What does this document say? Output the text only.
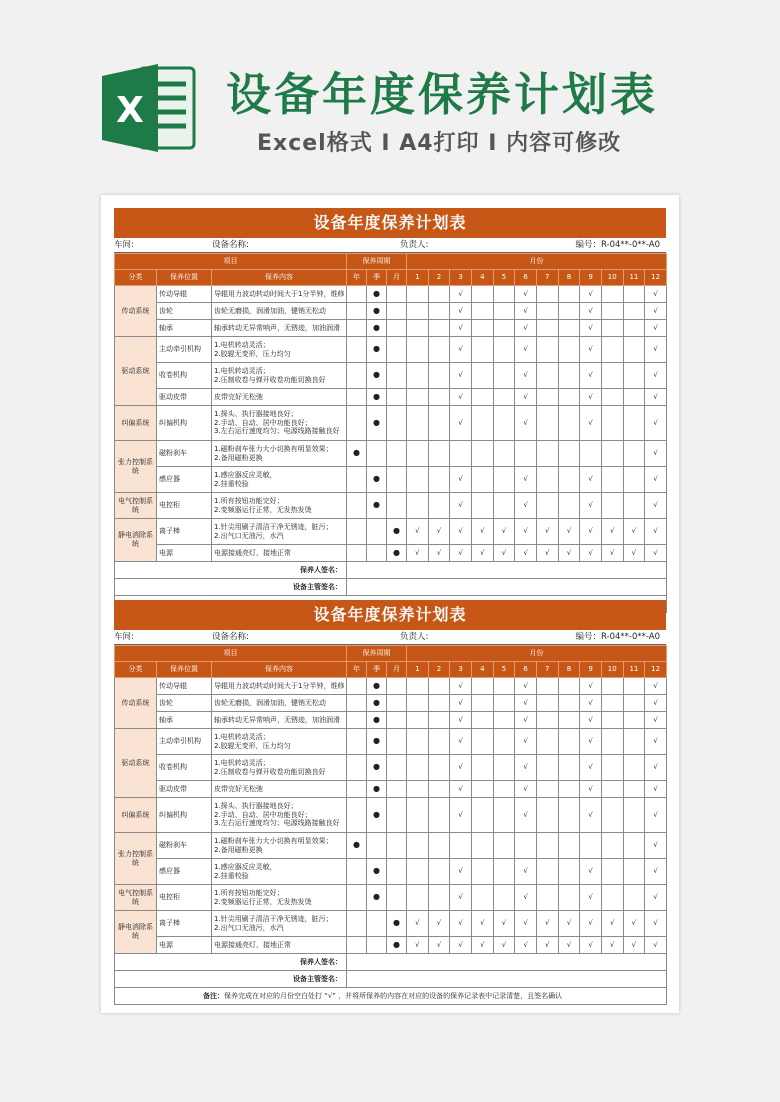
X 设备年度保养计划表
Excel格式 I A4打印 I 内容可修改
设备年度保养计划表
车间:	设备名称:	负责人:	编号：R-04**-0**-A0
项目			保养周期			月份											
分类	保养位置	保养内容	年	季	月	1	2	3	4	5	6	7	8	9	10	11	12
传动系统	传动导辊	导辊用力波动转动时间大于1分半钟，维修		●				√			√			√			√
	齿轮	齿轮无磨损，润滑加油，键销无松动		●				√			√			√			√
	轴承	轴承转动无异常响声，无锈迹，加油润滑		●				√			√			√			√
驱动系统	主动牵引机构	1.电机转动灵活；
2.胶辊无变形，压力均匀		●				√			√			√			√
	收卷机构	1.电机转动灵活；
2.压制收卷与弹开收卷功能切换良好		●				√			√			√			√
	驱动皮带	皮带完好无松弛		●				√			√			√			√
纠偏系统	纠偏机构	1.探头、执行器接地良好；
2.手动、自动、居中功能良好；
3.左右运行速度均匀；电源线路接触良好		●				√			√			√			√
张力控制系统	磁粉刹车	1.磁粉刹车张力大小切换有明显效果；
2.备用磁粉更换	●														√
	感应器	1.感应器反应灵敏，
2.挂重校验		●				√			√			√			√
电气控制系统	电控柜	1.所有按钮功能完好；
2.变频器运行正常，无发热发烫		●				√			√			√			√
静电消除系统	离子棒	1.针尖用刷子清洁干净无锈迹，脏污；
2.出气口无油污，水汽			●	√	√	√	√	√	√	√	√	√	√	√	√
	电源	电源接通亮灯，接地正常			●	√	√	√	√	√	√	√	√	√	√	√	√
保养人签名：																	
设备主管签名：																	

设备年度保养计划表
车间:	设备名称:	负责人:	编号：R-04**-0**-A0
项目			保养周期			月份											
分类	保养位置	保养内容	年	季	月	1	2	3	4	5	6	7	8	9	10	11	12
传动系统	传动导辊	导辊用力波动转动时间大于1分半钟，维修		●				√			√			√			√
	齿轮	齿轮无磨损，润滑加油，键销无松动		●				√			√			√			√
	轴承	轴承转动无异常响声，无锈迹，加油润滑		●				√			√			√			√
驱动系统	主动牵引机构	1.电机转动灵活；
2.胶辊无变形，压力均匀		●				√			√			√			√
	收卷机构	1.电机转动灵活；
2.压制收卷与弹开收卷功能切换良好		●				√			√			√			√
	驱动皮带	皮带完好无松弛		●				√			√			√			√
纠偏系统	纠偏机构	1.探头、执行器接地良好；
2.手动、自动、居中功能良好；
3.左右运行速度均匀；电源线路接触良好		●				√			√			√			√
张力控制系统	磁粉刹车	1.磁粉刹车张力大小切换有明显效果；
2.备用磁粉更换	●														√
	感应器	1.感应器反应灵敏，
2.挂重校验		●				√			√			√			√
电气控制系统	电控柜	1.所有按钮功能完好；
2.变频器运行正常，无发热发烫		●				√			√			√			√
静电消除系统	离子棒	1.针尖用刷子清洁干净无锈迹，脏污；
2.出气口无油污，水汽			●	√	√	√	√	√	√	√	√	√	√	√	√
	电源	电源接通亮灯，接地正常			●	√	√	√	√	√	√	√	√	√	√	√	√
保养人签名：																	
设备主管签名：																	
备注：保养完成在对应的月份空白处打 “√” ，并将所保养的内容在对应的设备的保养记录表中记录清楚，且签名确认																	
